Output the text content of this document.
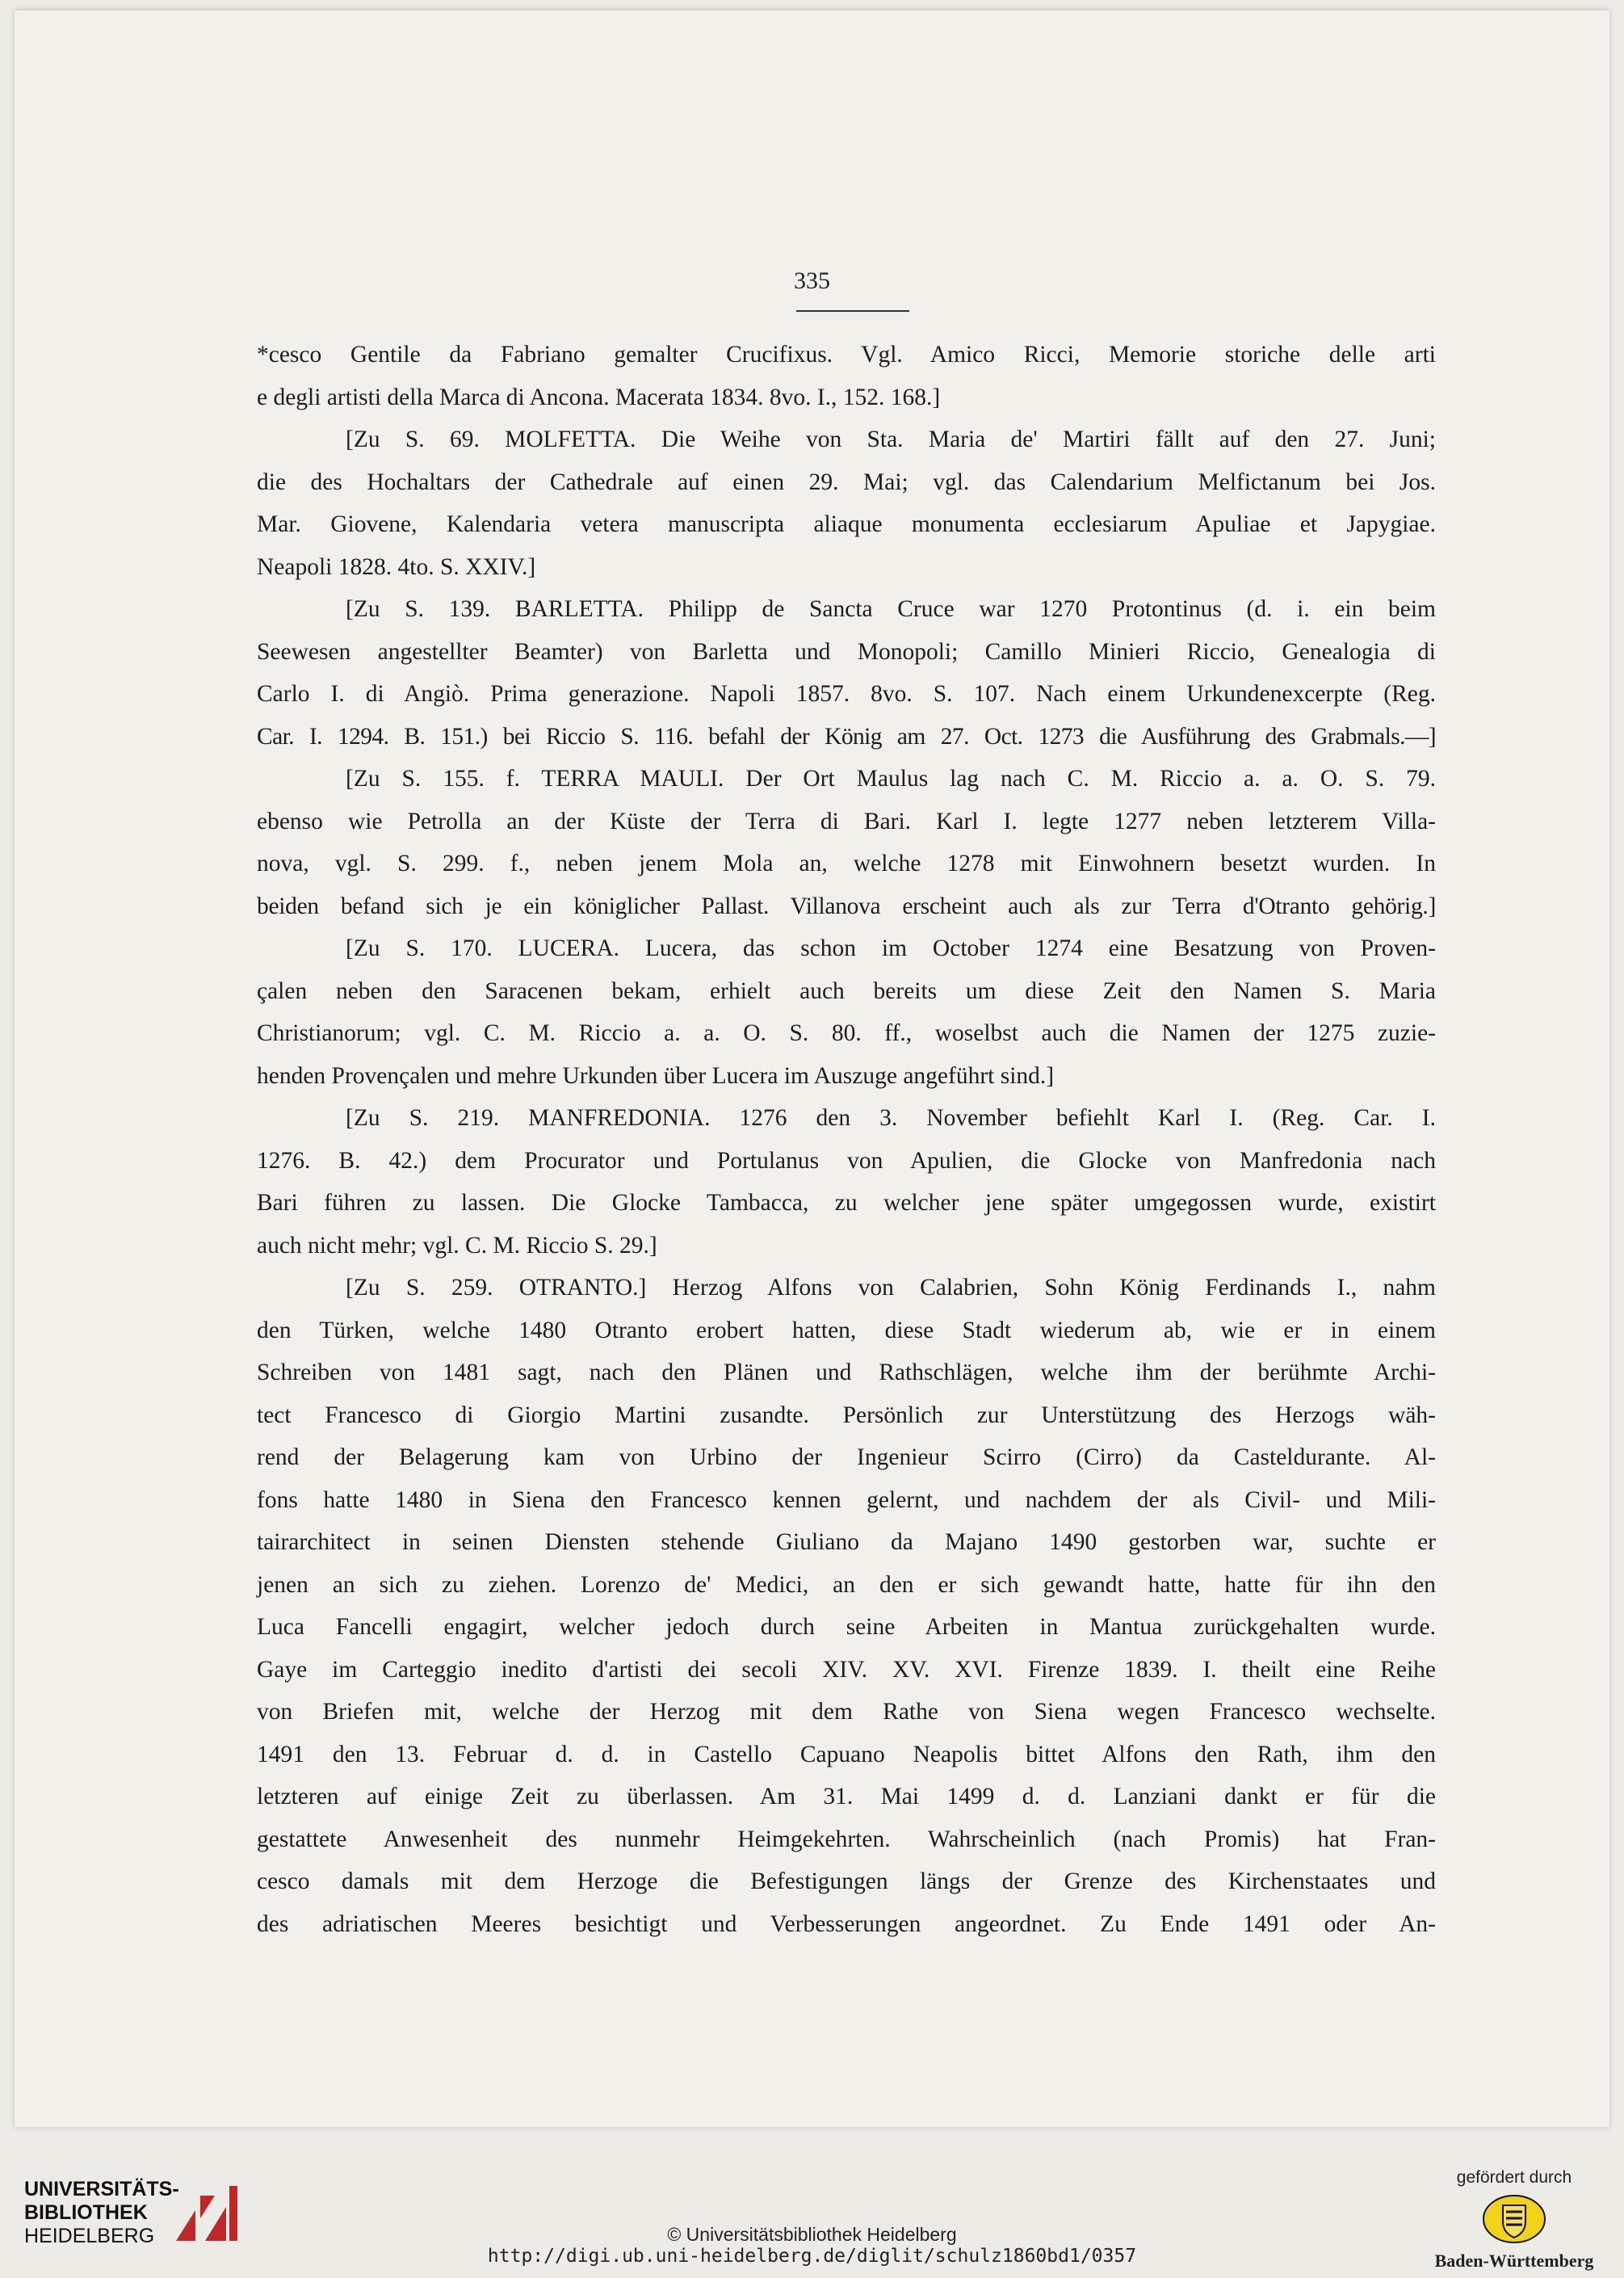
335
*cesco Gentile da Fabriano gemalter Crucifixus. Vgl. Amico Ricci, Memorie storiche delle arti
e degli artisti della Marca di Ancona. Macerata 1834. 8vo. I., 152. 168.]
[Zu S. 69. MOLFETTA. Die Weihe von Sta. Maria de' Martiri fällt auf den 27. Juni;
die des Hochaltars der Cathedrale auf einen 29. Mai; vgl. das Calendarium Melfictanum bei Jos.
Mar. Giovene, Kalendaria vetera manuscripta aliaque monumenta ecclesiarum Apuliae et Japygiae.
Neapoli 1828. 4to. S. XXIV.]
[Zu S. 139. BARLETTA. Philipp de Sancta Cruce war 1270 Protontinus (d. i. ein beim
Seewesen angestellter Beamter) von Barletta und Monopoli; Camillo Minieri Riccio, Genealogia di
Carlo I. di Angiò. Prima generazione. Napoli 1857. 8vo. S. 107. Nach einem Urkundenexcerpte (Reg.
Car. I. 1294. B. 151.) bei Riccio S. 116. befahl der König am 27. Oct. 1273 die Ausführung des Grabmals.—]
[Zu S. 155. f. TERRA MAULI. Der Ort Maulus lag nach C. M. Riccio a. a. O. S. 79.
ebenso wie Petrolla an der Küste der Terra di Bari. Karl I. legte 1277 neben letzterem Villa-
nova, vgl. S. 299. f., neben jenem Mola an, welche 1278 mit Einwohnern besetzt wurden. In
beiden befand sich je ein königlicher Pallast. Villanova erscheint auch als zur Terra d'Otranto gehörig.]
[Zu S. 170. LUCERA. Lucera, das schon im October 1274 eine Besatzung von Proven-
çalen neben den Saracenen bekam, erhielt auch bereits um diese Zeit den Namen S. Maria
Christianorum; vgl. C. M. Riccio a. a. O. S. 80. ff., woselbst auch die Namen der 1275 zuzie-
henden Provençalen und mehre Urkunden über Lucera im Auszuge angeführt sind.]
[Zu S. 219. MANFREDONIA. 1276 den 3. November befiehlt Karl I. (Reg. Car. I.
1276. B. 42.) dem Procurator und Portulanus von Apulien, die Glocke von Manfredonia nach
Bari führen zu lassen. Die Glocke Tambacca, zu welcher jene später umgegossen wurde, existirt
auch nicht mehr; vgl. C. M. Riccio S. 29.]
[Zu S. 259. OTRANTO.] Herzog Alfons von Calabrien, Sohn König Ferdinands I., nahm
den Türken, welche 1480 Otranto erobert hatten, diese Stadt wiederum ab, wie er in einem
Schreiben von 1481 sagt, nach den Plänen und Rathschlägen, welche ihm der berühmte Archi-
tect Francesco di Giorgio Martini zusandte. Persönlich zur Unterstützung des Herzogs wäh-
rend der Belagerung kam von Urbino der Ingenieur Scirro (Cirro) da Casteldurante. Al-
fons hatte 1480 in Siena den Francesco kennen gelernt, und nachdem der als Civil- und Mili-
tairarchitect in seinen Diensten stehende Giuliano da Majano 1490 gestorben war, suchte er
jenen an sich zu ziehen. Lorenzo de' Medici, an den er sich gewandt hatte, hatte für ihn den
Luca Fancelli engagirt, welcher jedoch durch seine Arbeiten in Mantua zurückgehalten wurde.
Gaye im Carteggio inedito d'artisti dei secoli XIV. XV. XVI. Firenze 1839. I. theilt eine Reihe
von Briefen mit, welche der Herzog mit dem Rathe von Siena wegen Francesco wechselte.
1491 den 13. Februar d. d. in Castello Capuano Neapolis bittet Alfons den Rath, ihm den
letzteren auf einige Zeit zu überlassen. Am 31. Mai 1499 d. d. Lanziani dankt er für die
gestattete Anwesenheit des nunmehr Heimgekehrten. Wahrscheinlich (nach Promis) hat Fran-
cesco damals mit dem Herzoge die Befestigungen längs der Grenze des Kirchenstaates und
des adriatischen Meeres besichtigt und Verbesserungen angeordnet. Zu Ende 1491 oder An-
UNIVERSITÄTS-
BIBLIOTHEK
HEIDELBERG	© Universitätsbibliothek Heidelberg
http://digi.ub.uni-heidelberg.de/diglit/schulz1860bd1/0357
gefördert durch
Baden-Württemberg
